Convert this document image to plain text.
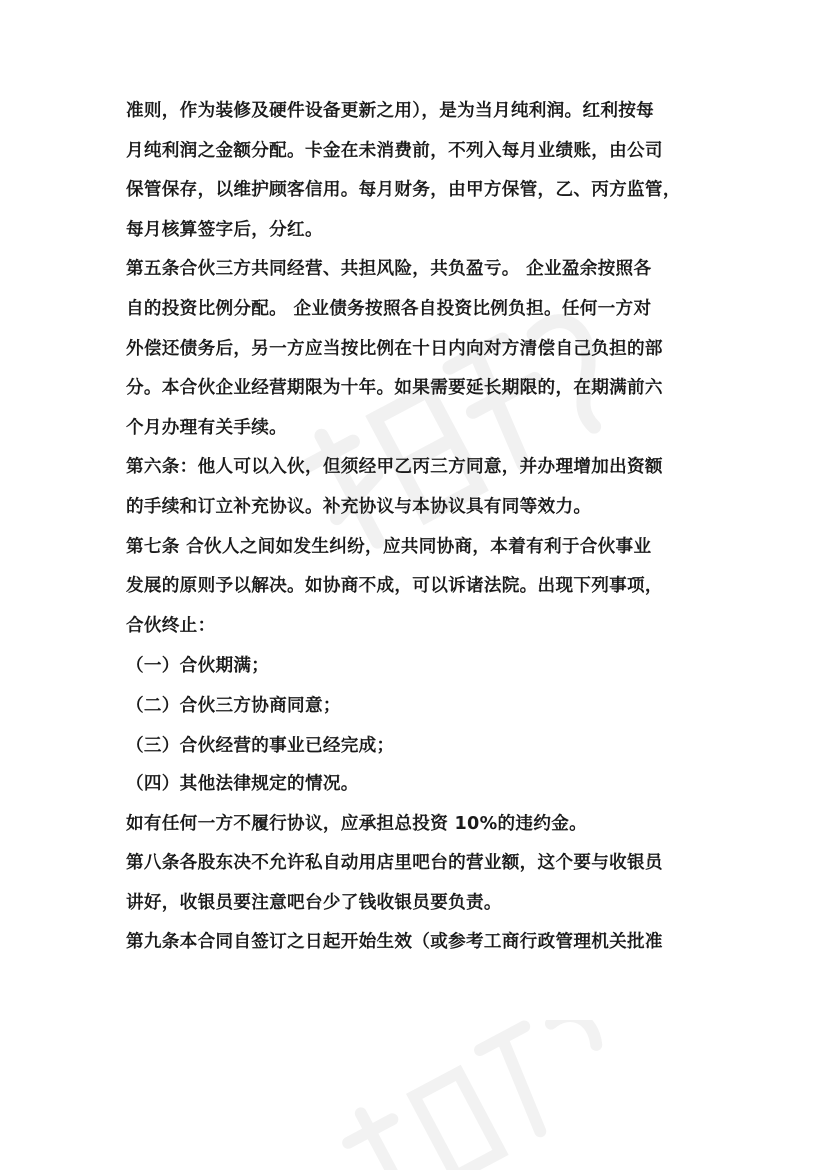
准则，作为装修及硬件设备更新之用），是为当月纯利润。红利按每
月纯利润之金额分配。卡金在未消费前，不列入每月业绩账，由公司
保管保存，以维护顾客信用。每月财务，由甲方保管，乙、丙方监管，
每月核算签字后，分红。
第五条合伙三方共同经营、共担风险，共负盈亏。 企业盈余按照各
自的投资比例分配。 企业债务按照各自投资比例负担。任何一方对
外偿还债务后，另一方应当按比例在十日内向对方清偿自己负担的部
分。本合伙企业经营期限为十年。如果需要延长期限的，在期满前六
个月办理有关手续。
第六条：他人可以入伙，但须经甲乙丙三方同意，并办理增加出资额
的手续和订立补充协议。补充协议与本协议具有同等效力。
第七条 合伙人之间如发生纠纷，应共同协商，本着有利于合伙事业
发展的原则予以解决。如协商不成，可以诉诸法院。出现下列事项，
合伙终止：
（一）合伙期满；
（二）合伙三方协商同意；
（三）合伙经营的事业已经完成；
（四）其他法律规定的情况。
如有任何一方不履行协议，应承担总投资 10%的违约金。
第八条各股东决不允许私自动用店里吧台的营业额，这个要与收银员
讲好，收银员要注意吧台少了钱收银员要负责。
第九条本合同自签订之日起开始生效（或参考工商行政管理机关批准
